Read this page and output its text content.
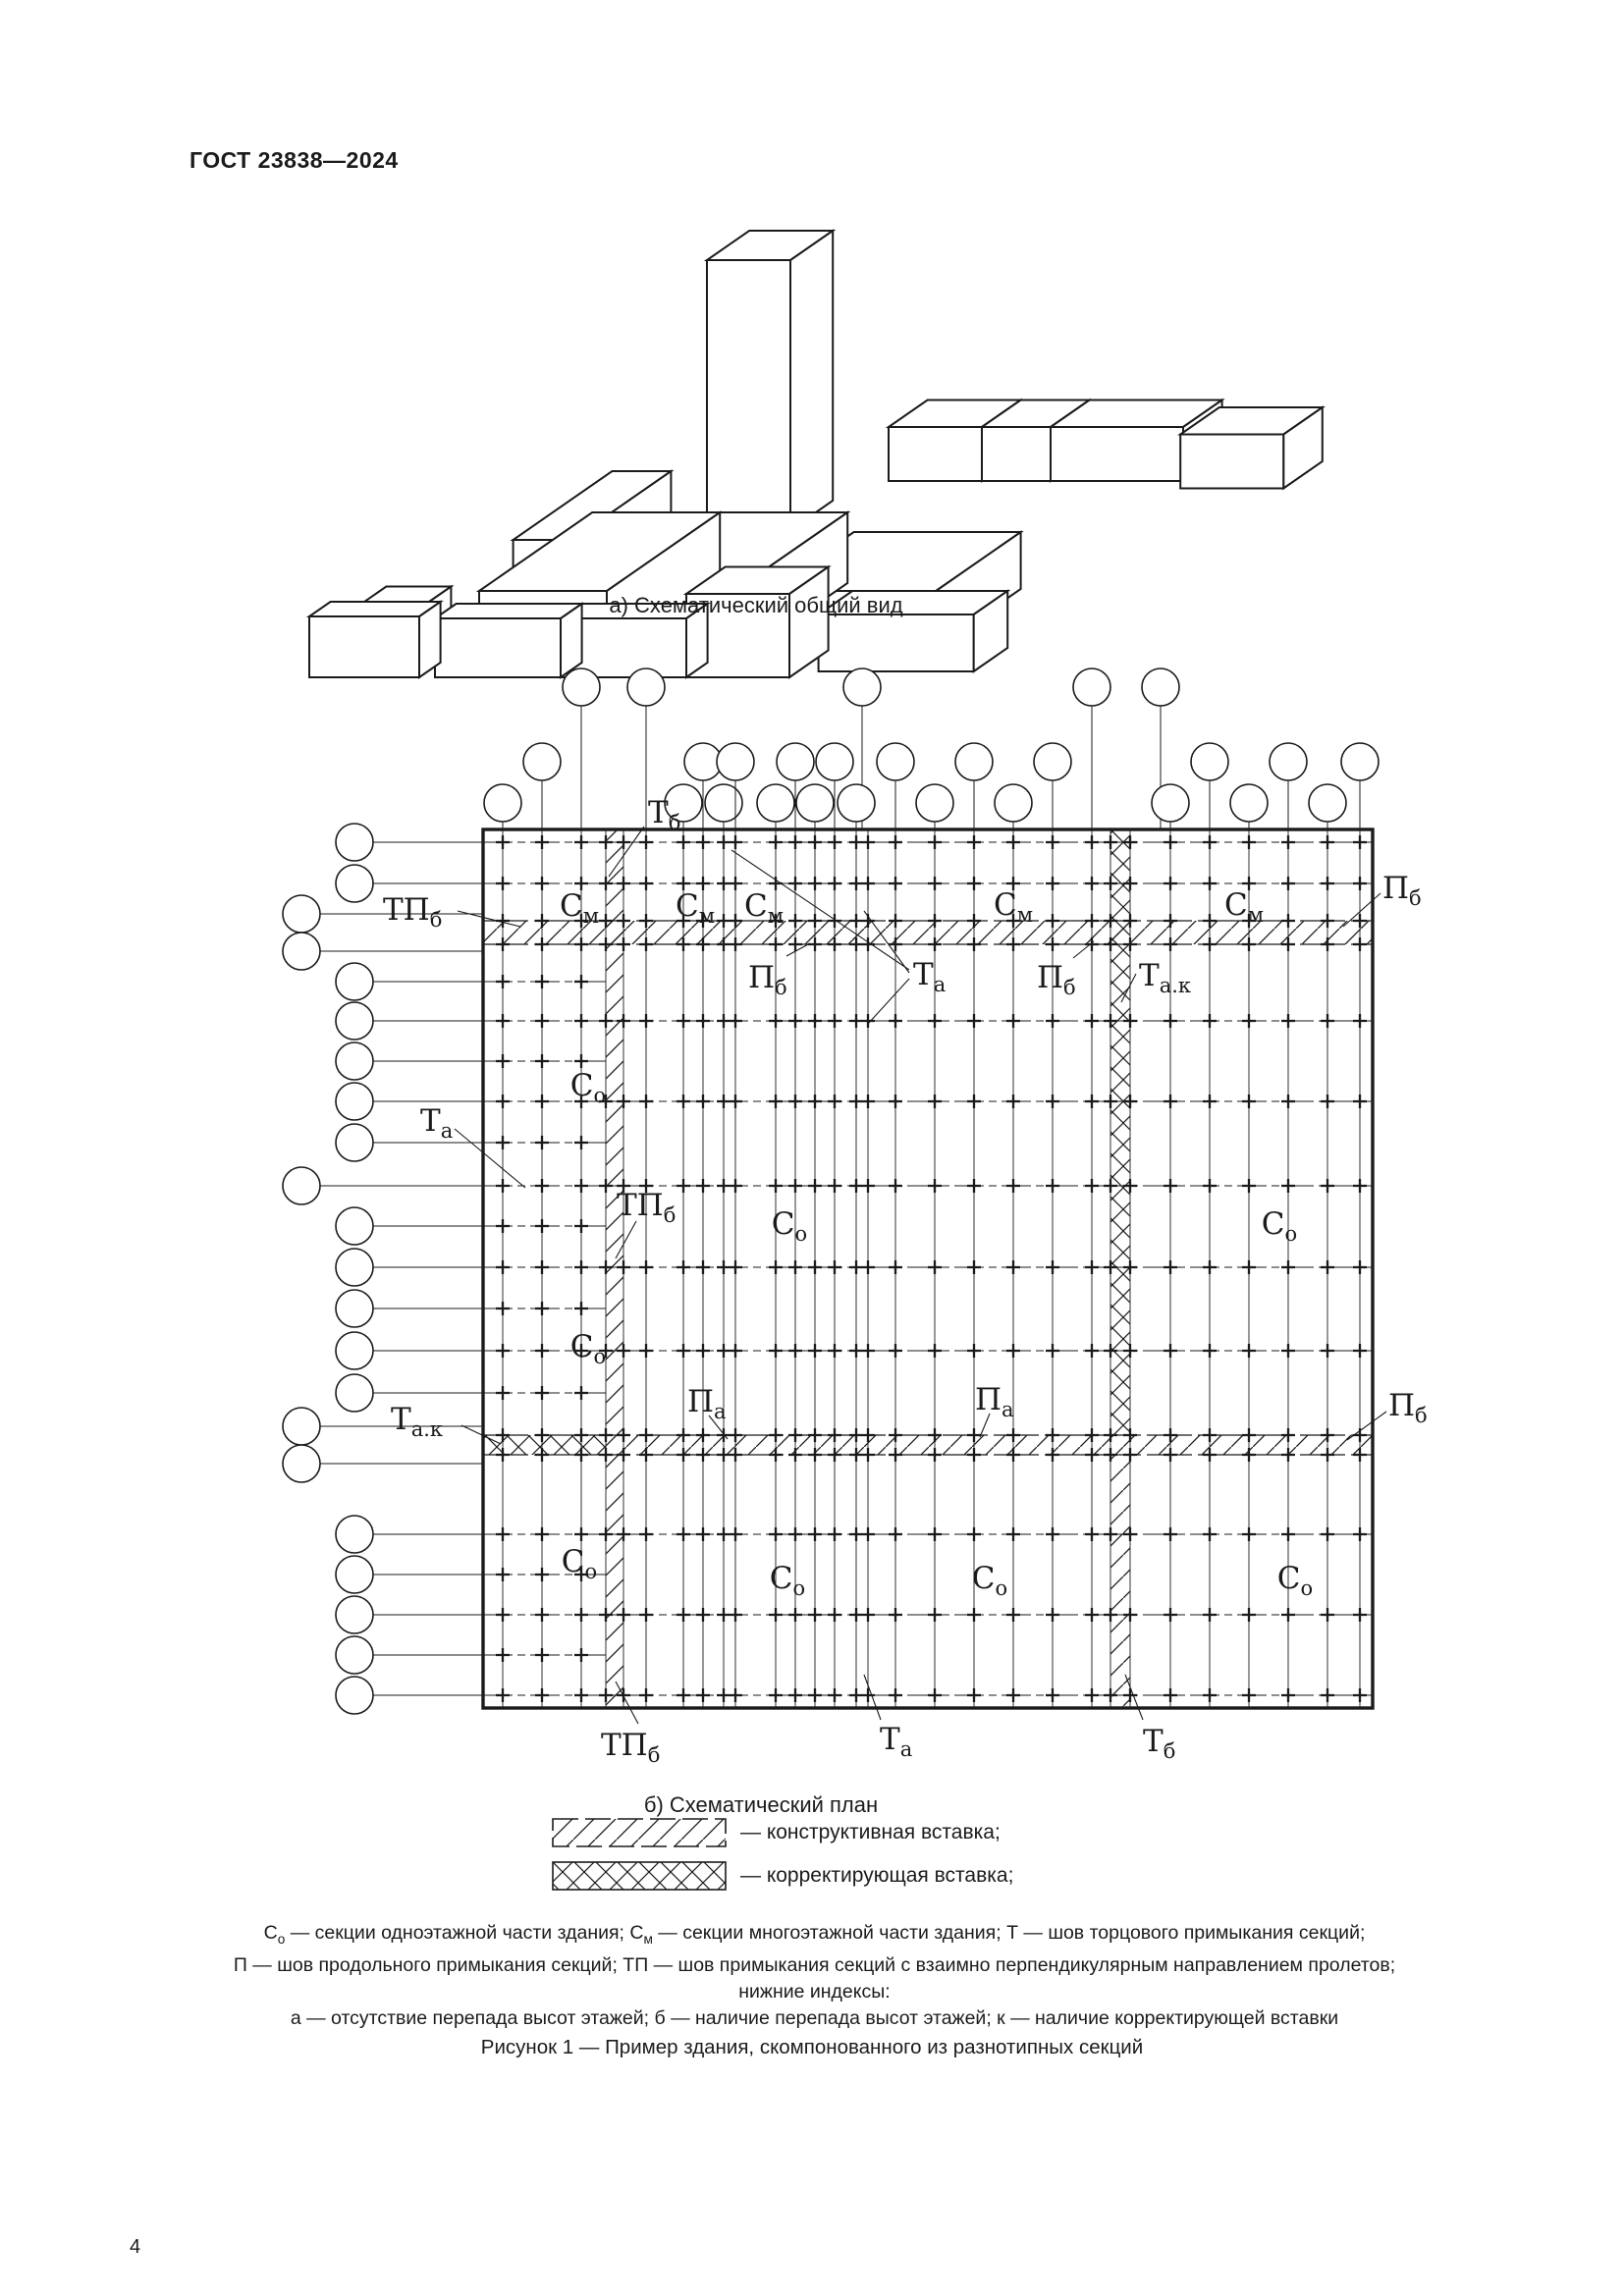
ГОСТ 23838—2024
а) Схематический общий вид
$Т_б$
$ТП_б$	$С_м$	$С_м$ $С_м$	$С_м$	$С_м$
$П_б$
$П_б$	$Т_а$	$П_б$ $Т_{а.к}$
$С_о$
$Т_а$
$ТП_б$	$С_о$	$С_о$
$С_о$
$Т_{а.к}$
$П_а$	$П_а$	$П_б$
$С_о$	$С_о$	$С_о$	$С_о$
$ТП_б$	$Т_а$	$Т_б$
б) Схематический план
— конструктивная вставка;
— корректирующая вставка;
$С_о$ — секции одноэтажной части здания; $С_м$ — секции многоэтажной части здания; Т — шов торцового примыкания секций;
П — шов продольного примыкания секций; ТП — шов примыкания секций с взаимно перпендикулярным направлением пролетов;
нижние индексы:
а — отсутствие перепада высот этажей; б — наличие перепада высот этажей; к — наличие корректирующей вставки
Рисунок 1 — Пример здания, скомпонованного из разнотипных секций
4
